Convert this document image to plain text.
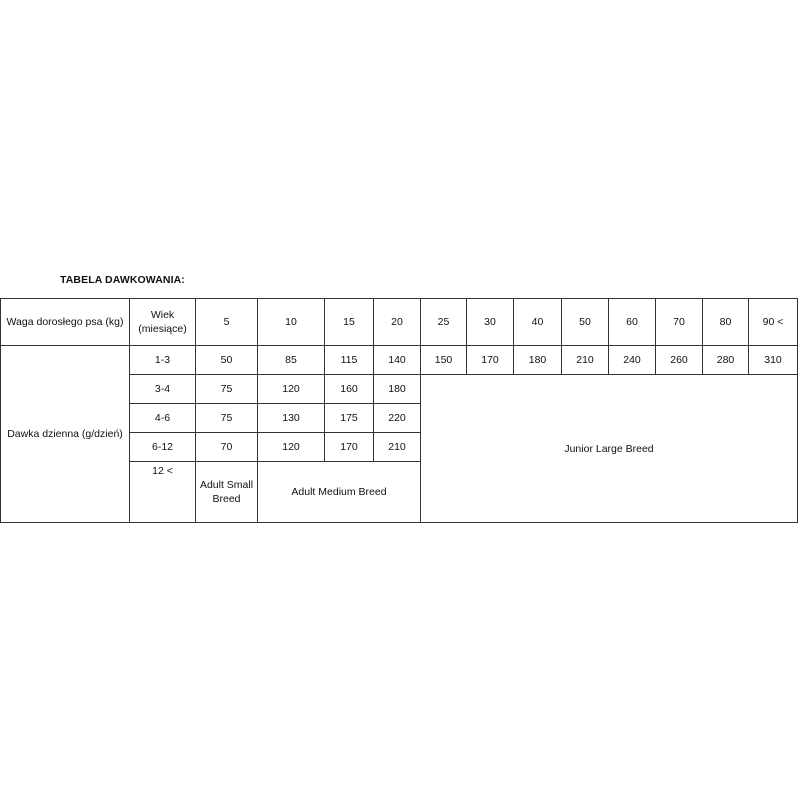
TABELA DAWKOWANIA:
Waga dorosłego psa (kg)	Wiek (miesiące)	5	10	15	20	25	30	40	50	60	70	80	90 <
Dawka dzienna (g/dzień)	1-3	50	85	115	140	150	170	180	210	240	260	280	310
	3-4	75	120	160	180	Junior Large Breed							
	4-6	75	130	175	220								
	6-12	70	120	170	210								
	12 <	Adult Small Breed	Adult Medium Breed										
